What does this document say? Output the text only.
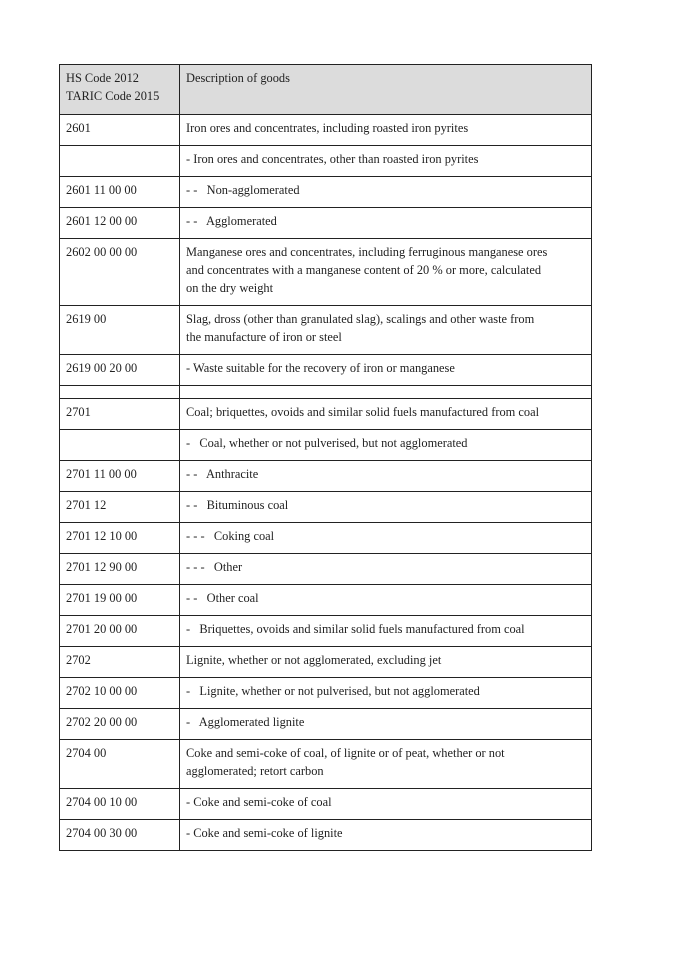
HS Code 2012
TARIC Code 2015	Description of goods
2601	Iron ores and concentrates, including roasted iron pyrites
	- Iron ores and concentrates, other than roasted iron pyrites
2601 11 00 00	- -   Non-agglomerated
2601 12 00 00	- -   Agglomerated
2602 00 00 00	Manganese ores and concentrates, including ferruginous manganese ores
and concentrates with a manganese content of 20 % or more, calculated
on the dry weight
2619 00	Slag, dross (other than granulated slag), scalings and other waste from
the manufacture of iron or steel
2619 00 20 00	- Waste suitable for the recovery of iron or manganese

2701	Coal; briquettes, ovoids and similar solid fuels manufactured from coal
	-   Coal, whether or not pulverised, but not agglomerated
2701 11 00 00	- -   Anthracite
2701 12	- -   Bituminous coal
2701 12 10 00	- - -   Coking coal
2701 12 90 00	- - -   Other
2701 19 00 00	- -   Other coal
2701 20 00 00	-   Briquettes, ovoids and similar solid fuels manufactured from coal
2702	Lignite, whether or not agglomerated, excluding jet
2702 10 00 00	-   Lignite, whether or not pulverised, but not agglomerated
2702 20 00 00	-   Agglomerated lignite
2704 00	Coke and semi-coke of coal, of lignite or of peat, whether or not
agglomerated; retort carbon
2704 00 10 00	- Coke and semi-coke of coal
2704 00 30 00	- Coke and semi-coke of lignite
